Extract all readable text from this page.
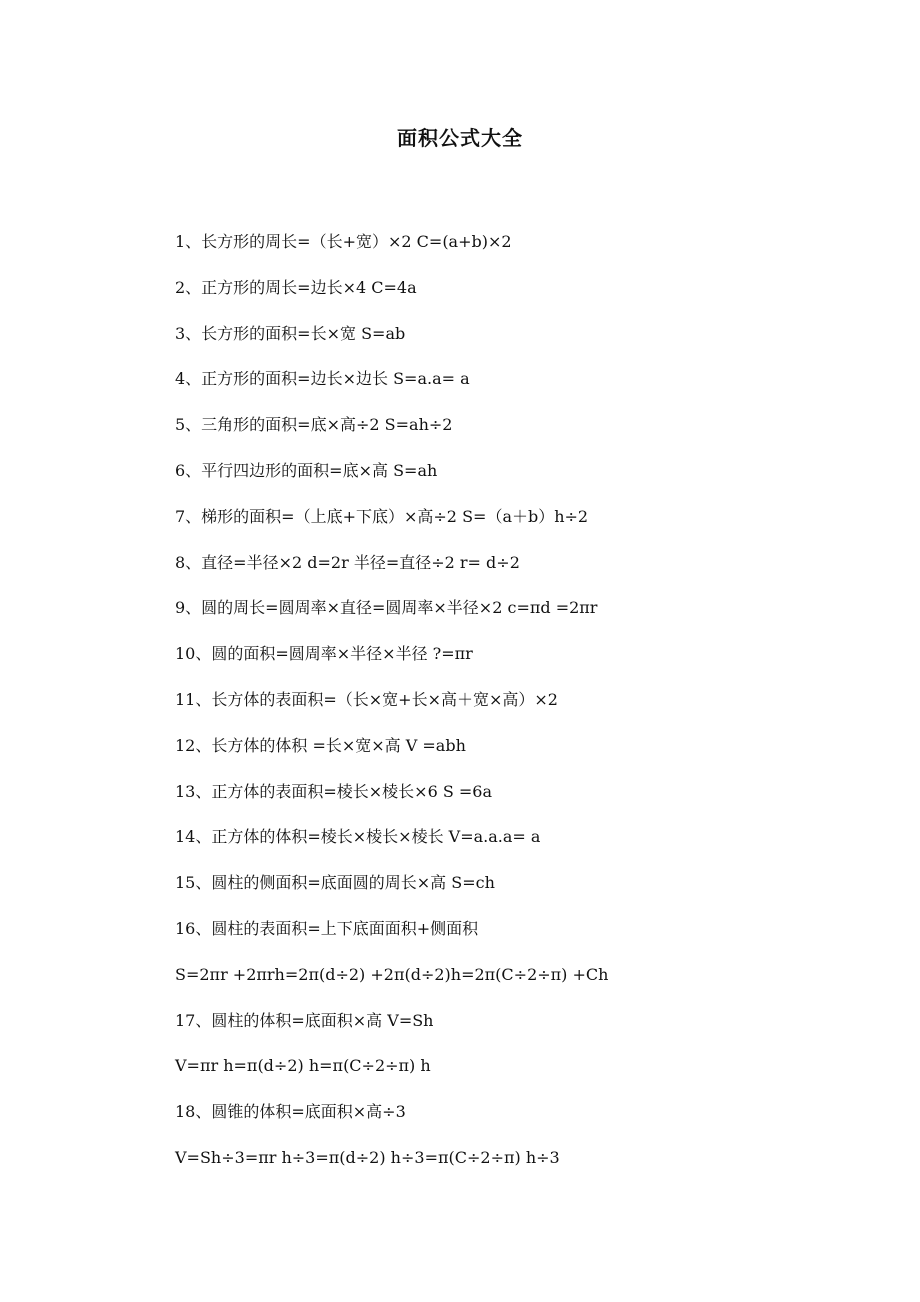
面积公式大全
1、长方形的周长=（长+宽）×2 C=(a+b)×2
2、正方形的周长=边长×4 C=4a
3、长方形的面积=长×宽 S=ab
4、正方形的面积=边长×边长 S=a.a= a
5、三角形的面积=底×高÷2 S=ah÷2
6、平行四边形的面积=底×高 S=ah
7、梯形的面积=（上底+下底）×高÷2 S=（a＋b）h÷2
8、直径=半径×2 d=2r 半径=直径÷2 r= d÷2
9、圆的周长=圆周率×直径=圆周率×半径×2 c=πd =2πr
10、圆的面积=圆周率×半径×半径 ?=πr
11、长方体的表面积=（长×宽+长×高＋宽×高）×2
12、长方体的体积 =长×宽×高 V =abh
13、正方体的表面积=棱长×棱长×6 S =6a
14、正方体的体积=棱长×棱长×棱长 V=a.a.a= a
15、圆柱的侧面积=底面圆的周长×高 S=ch
16、圆柱的表面积=上下底面面积+侧面积
S=2πr +2πrh=2π(d÷2) +2π(d÷2)h=2π(C÷2÷π) +Ch
17、圆柱的体积=底面积×高 V=Sh
V=πr h=π(d÷2) h=π(C÷2÷π) h
18、圆锥的体积=底面积×高÷3
V=Sh÷3=πr h÷3=π(d÷2) h÷3=π(C÷2÷π) h÷3
